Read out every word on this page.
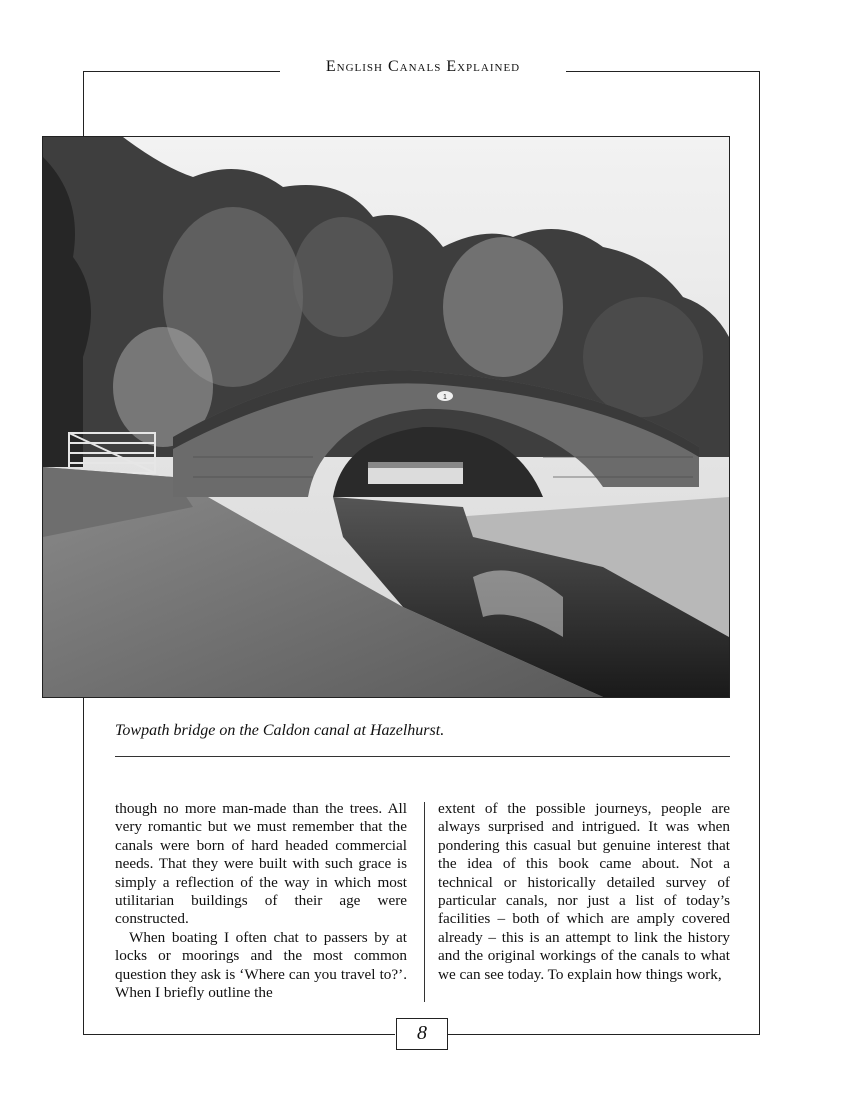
English Canals Explained
1
Towpath bridge on the Caldon canal at Hazelhurst.

though no more man-made than the trees. All very romantic but we must remember that the canals were born of hard headed commercial needs. That they were built with such grace is simply a reflection of the way in which most utilitarian buildings of their age were constructed.

When boating I often chat to passers by at locks or moorings and the most common question they ask is ‘Where can you travel to?’. When I briefly outline the

extent of the possible journeys, people are always surprised and intrigued. It was when pondering this casual but genuine interest that the idea of this book came about. Not a technical or historically detailed survey of particular canals, nor just a list of today’s facilities – both of which are amply covered already – this is an attempt to link the history and the original workings of the canals to what we can see today. To explain how things work,

8
